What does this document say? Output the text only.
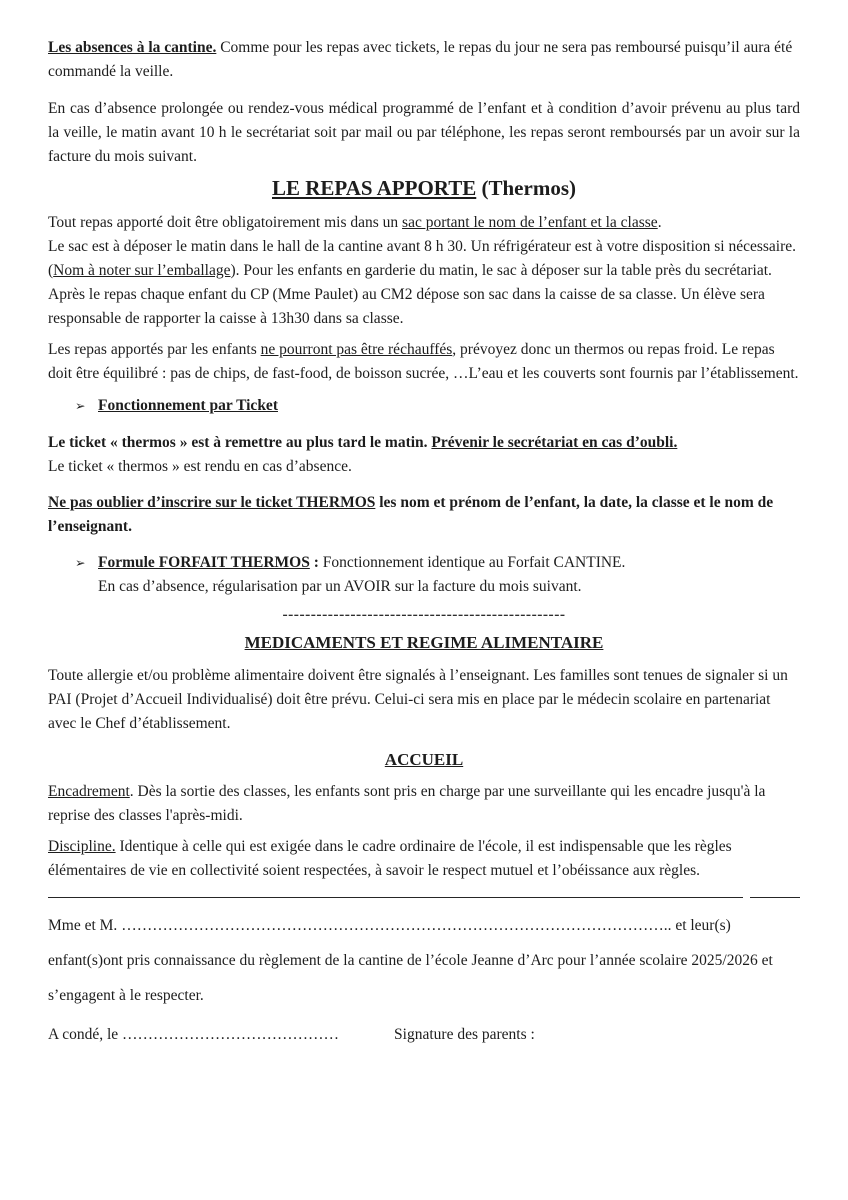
Les absences à la cantine. Comme pour les repas avec tickets, le repas du jour ne sera pas remboursé puisqu’il aura été commandé la veille.

En cas d’absence prolongée ou rendez-vous médical programmé de l’enfant et à condition d’avoir prévenu au plus tard la veille, le matin avant 10 h le secrétariat soit par mail ou par téléphone, les repas seront remboursés par un avoir sur la facture du mois suivant.

LE REPAS APPORTE (Thermos)

Tout repas apporté doit être obligatoirement mis dans un sac portant le nom de l’enfant et la classe.
Le sac est à déposer le matin dans le hall de la cantine avant 8 h 30. Un réfrigérateur est à votre disposition si nécessaire. (Nom à noter sur l’emballage). Pour les enfants en garderie du matin, le sac à déposer sur la table près du secrétariat.

Après le repas chaque enfant du CP (Mme Paulet) au CM2 dépose son sac dans la caisse de sa classe. Un élève sera responsable de rapporter la caisse à 13h30 dans sa classe.

Les repas apportés par les enfants ne pourront pas être réchauffés, prévoyez donc un thermos ou repas froid. Le repas doit être équilibré : pas de chips, de fast-food, de boisson sucrée, …L’eau et les couverts sont fournis par l’établissement.

➢ Fonctionnement par Ticket

Le ticket « thermos » est à remettre au plus tard le matin. Prévenir le secrétariat en cas d’oubli.
Le ticket « thermos » est rendu en cas d’absence.

Ne pas oublier d’inscrire sur le ticket THERMOS les nom et prénom de l’enfant, la date, la classe et le nom de l’enseignant.

➢ Formule FORFAIT THERMOS : Fonctionnement identique au Forfait CANTINE.
En cas d’absence, régularisation par un AVOIR sur la facture du mois suivant.
--------------------------------------------------
MEDICAMENTS ET REGIME ALIMENTAIRE

Toute allergie et/ou problème alimentaire doivent être signalés à l’enseignant. Les familles sont tenues de signaler si un PAI (Projet d’Accueil Individualisé) doit être prévu. Celui-ci sera mis en place par le médecin scolaire en partenariat avec le Chef d’établissement.

ACCUEIL

Encadrement. Dès la sortie des classes, les enfants sont pris en charge par une surveillante qui les encadre jusqu'à la reprise des classes l'après-midi.

Discipline. Identique à celle qui est exigée dans le cadre ordinaire de l'école, il est indispensable que les règles élémentaires de vie en collectivité soient respectées, à savoir le respect mutuel et l’obéissance aux règles.

Mme et M. …………………………………………………………………………………………….. et leur(s) enfant(s)ont pris connaissance du règlement de la cantine de l’école Jeanne d’Arc pour l’année scolaire 2025/2026 et s’engagent à le respecter.

A condé, le ……………………………………	Signature des parents :
